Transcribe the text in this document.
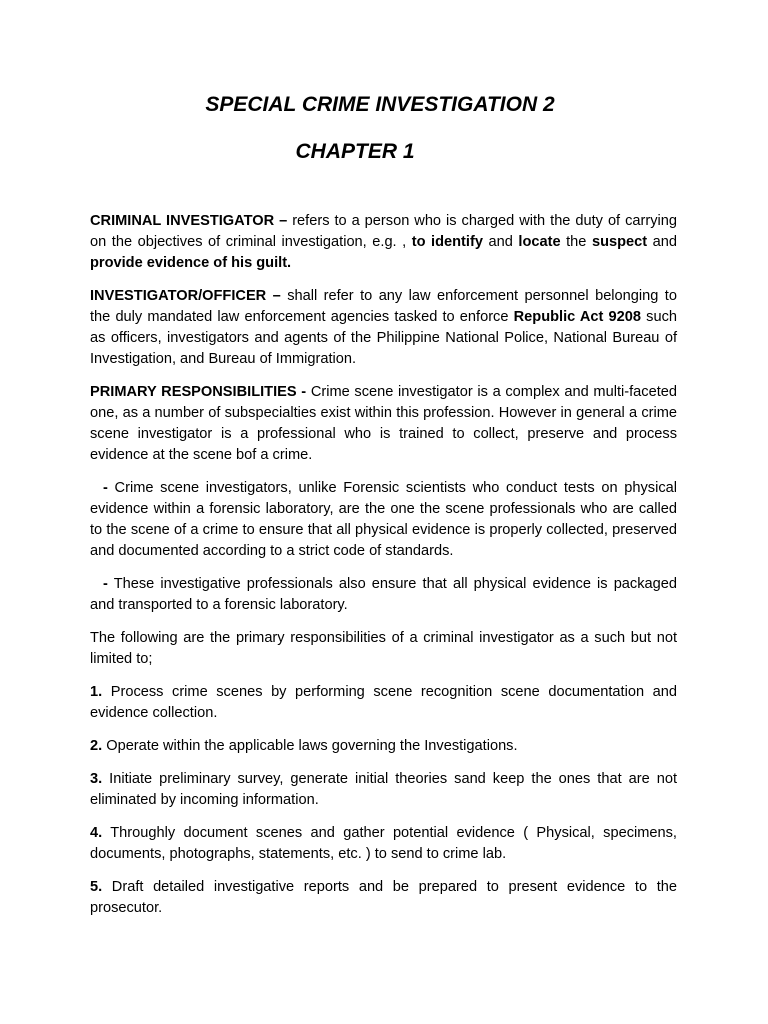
SPECIAL CRIME INVESTIGATION 2
CHAPTER 1

CRIMINAL INVESTIGATOR – refers to a person who is charged with the duty of carrying on the objectives of criminal investigation, e.g. , to identify and locate the suspect and provide evidence of his guilt.

INVESTIGATOR/OFFICER – shall refer to any law enforcement personnel belonging to the duly mandated law enforcement agencies tasked to enforce Republic Act 9208 such as officers, investigators and agents of the Philippine National Police, National Bureau of Investigation, and Bureau of Immigration.

PRIMARY RESPONSIBILITIES - Crime scene investigator is a complex and multi-faceted one, as a number of subspecialties exist within this profession. However in general a crime scene investigator is a professional who is trained to collect, preserve and process evidence at the scene bof a crime.

- Crime scene investigators, unlike Forensic scientists who conduct tests on physical evidence within a forensic laboratory, are the one the scene professionals who are called to the scene of a crime to ensure that all physical evidence is properly collected, preserved and documented according to a strict code of standards.

- These investigative professionals also ensure that all physical evidence is packaged and transported to a forensic laboratory.

The following are the primary responsibilities of a criminal investigator as a such but not limited to;

1. Process crime scenes by performing scene recognition scene documentation and evidence collection.

2. Operate within the applicable laws governing the Investigations.

3. Initiate preliminary survey, generate initial theories sand keep the ones that are not eliminated by incoming information.

4. Throughly document scenes and gather potential evidence ( Physical, specimens, documents, photographs, statements, etc. ) to send to crime lab.

5. Draft detailed investigative reports and be prepared to present evidence to the prosecutor.
